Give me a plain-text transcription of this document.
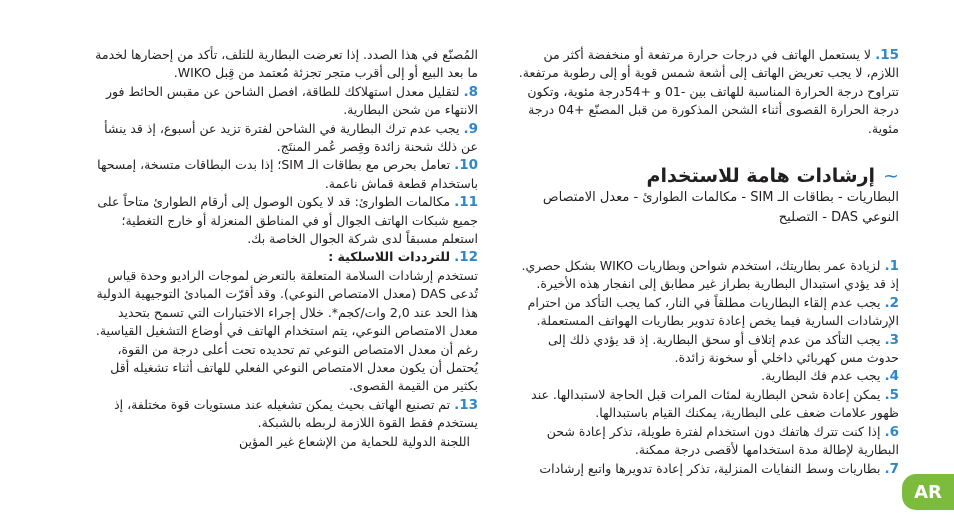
15. لا يستعمل الهاتف في درجات حرارة مرتفعة أو منخفضة أكثر من اللازم، لا يجب تعريض الهاتف إلى أشعة شمس قوية أو إلى رطوبة مرتفعة. تتراوح درجة الحرارة المناسبة للهاتف بين -01 و +54درجة مئوية، وتكون درجة الحرارة القصوى أثناء الشحن المذكورة من قبل المصنّع +04 درجة مئوية.

~إرشادات هامة للاستخدام

البطاريات - بطاقات الـ SIM - مكالمات الطوارئ - معدل الامتصاص النوعي DAS - التصليح

1. لزيادة عمر بطاريتك، استخدم شواحن وبطاريات WIKO بشكل حصري. إذ قد يؤدي استبدال البطارية بطراز غير مطابق إلى انفجار هذه الأخيرة.

2. يجب عدم إلقاء البطاريات مطلقاً في النار، كما يجب التأكد من احترام الإرشادات السارية فيما يخص إعادة تدوير بطاريات الهواتف المستعملة.

3. يجب التأكد من عدم إتلاف أو سحق البطارية. إذ قد يؤدي ذلك إلى حدوث مس كهربائي داخلي أو سخونة زائدة.

4. يجب عدم فك البطارية.

5. يمكن إعادة شحن البطارية لمئات المرات قبل الحاجة لاستبدالها. عند ظهور علامات ضعف على البطارية، يمكنك القيام باستبدالها.

6. إذا كنت تترك هاتفك دون استخدام لفترة طويلة، تذكر إعادة شحن البطارية لإطالة مدة استخدامها لأقصى درجة ممكنة.

7. بطاريات وسط النفايات المنزلية، تذكر إعادة تدويرها واتبع إرشادات

المُصنّع في هذا الصدد. إذا تعرضت البطارية للتلف، تأكد من إحضارها لخدمة ما بعد البيع أو إلى أقرب متجر تجزئة مُعتمد من قِبل WIKO.

8. لتقليل معدل استهلاكك للطاقة، افصل الشاحن عن مقبس الحائط فور الانتهاء من شحن البطارية.

9. يجب عدم ترك البطارية في الشاحن لفترة تزيد عن أسبوع، إذ قد ينشأ عن ذلك شحنة زائدة وقِصر عُمر المنتَج.

10. تعامل بحرص مع بطاقات الـ SIM؛ إذا بدت البطاقات متسخة، إمسحها باستخدام قطعة قماش ناعمة.

11. مكالمات الطوارئ: قد لا يكون الوصول إلى أرقام الطوارئ متاحاً على جميع شبكات الهاتف الجوال أو في المناطق المنعزلة أو خارج التغطية؛ استعلم مسبقاً لدى شركة الجوال الخاصة بك.

12. للترددات اللاسلكية :
تستخدم إرشادات السلامة المتعلقة بالتعرض لموجات الراديو وحدة قياس تُدعى DAS (معدل الامتصاص النوعي). وقد أقرّت المبادئ التوجيهية الدولية هذا الحد عند 2,0 وات/كجم*. خلال إجراء الاختبارات التي تسمح بتحديد معدل الامتصاص النوعي، يتم استخدام الهاتف في أوضاع التشغيل القياسية. رغم أن معدل الامتصاص النوعي تم تحديده تحت أعلى درجة من القوة، يُحتمل أن يكون معدل الامتصاص النوعي الفعلي للهاتف أثناء تشغيله أقل بكثير من القيمة القصوى.

13. تم تصنيع الهاتف بحيث يمكن تشغيله عند مستويات قوة مختلفة، إذ يستخدم فقط القوة اللازمة لربطه بالشبكة.

اللجنة الدولية للحماية من الإشعاع غير المؤين

AR
